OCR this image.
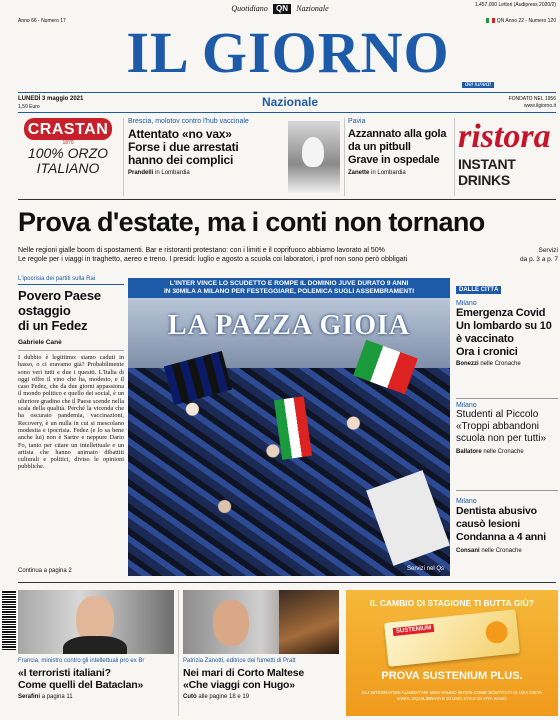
Quotidiano QN Nazionale	1.457.000 Lettori (Audipress 2020/2)
Anno 66 - Numero 17	QN Anno 22 - Numero 120
IL GIORNO	del lunedì
LUNEDÌ 3 maggio 2021
1,50 Euro	Nazionale	FONDATO NEL 1956
www.ilgiorno.it
CRASTAN
1870
100% ORZO
ITALIANO
Brescia, molotov contro l'hub vaccinale
Attentato «no vax»
Forse i due arrestati
hanno dei complici
Prandelli in Lombardia
Pavia
Azzannato alla gola
da un pitbull
Grave in ospedale
Zanette in Lombardia
ristora
INSTANT DRINKS
Prova d'estate, ma i conti non tornano
Nelle regioni gialle boom di spostamenti. Bar e ristoranti protestano: con i limiti e il coprifuoco abbiamo lavorato al 50%
Le regole per i viaggi in traghetto, aereo e treno. I presidi: luglio e agosto a scuola coi laboratori, i prof non sono però obbligati
Servizi
da p. 3 a p. 7
L'ipocrisia dei partiti sulla Rai
Povero Paese
ostaggio
di un Fedez
Gabriele Canè
I dubbio è legittimo: siamo caduti in basso, o ci eravamo già? Probabilmente sono veri tutti e due i quesiti. L'Italia di oggi offre il vino che ha, modesto, e il caso Fedez, che da due giorni appassiona il mondo politico e quello dei social, è un ulteriore gradino che il Paese scende nella scala della qualità. Perché la vicenda che ha oscurato pandemia, vaccinazioni, Recovery, è un nulla in cui si mescolano modestia e ipocrisia. Fedez (e lo sa bene anche lui) non è Sartre e neppure Dario Fo, tanto per citare un intellettuale e un artista che hanno animato dibattiti culturali e politici, diviso le opinioni pubbliche.
Continua a pagina 2
L'INTER VINCE LO SCUDETTO E ROMPE IL DOMINIO JUVE DURATO 9 ANNI
IN 30MILA A MILANO PER FESTEGGIARE, POLEMICA SUGLI ASSEMBRAMENTI
LA PAZZA GIOIA
Servizi nel Qs
DALLE CITTÀ
Milano
Emergenza Covid
Un lombardo su 10
è vaccinato
Ora i cronici
Bonezzi nelle Cronache
Milano
Studenti al Piccolo
«Troppi abbandoni
scuola non per tutti»
Ballatore nelle Cronache
Milano
Dentista abusivo
causò lesioni
Condanna a 4 anni
Consani nelle Cronache
Francia, ministro contro gli intellettuali pro ex Br
«I terroristi italiani?
Come quelli del Bataclan»
Serafini a pagina 11
Patrizia Zanotti, editrice dei fumetti di Pratt
Nei mari di Corto Maltese
«Che viaggi con Hugo»
Cutò alle pagine 18 e 19
IL CAMBIO DI STAGIONE TI BUTTA GIÙ?
SUSTENIUM
PROVA SUSTENIUM PLUS.
GLI INTEGRATORI ALIMENTARI NON VANNO INTESI COME SOSTITUTI DI UNA DIETA VARIA, EQUILIBRATA E DI UNO STILE DI VITA SANO.
